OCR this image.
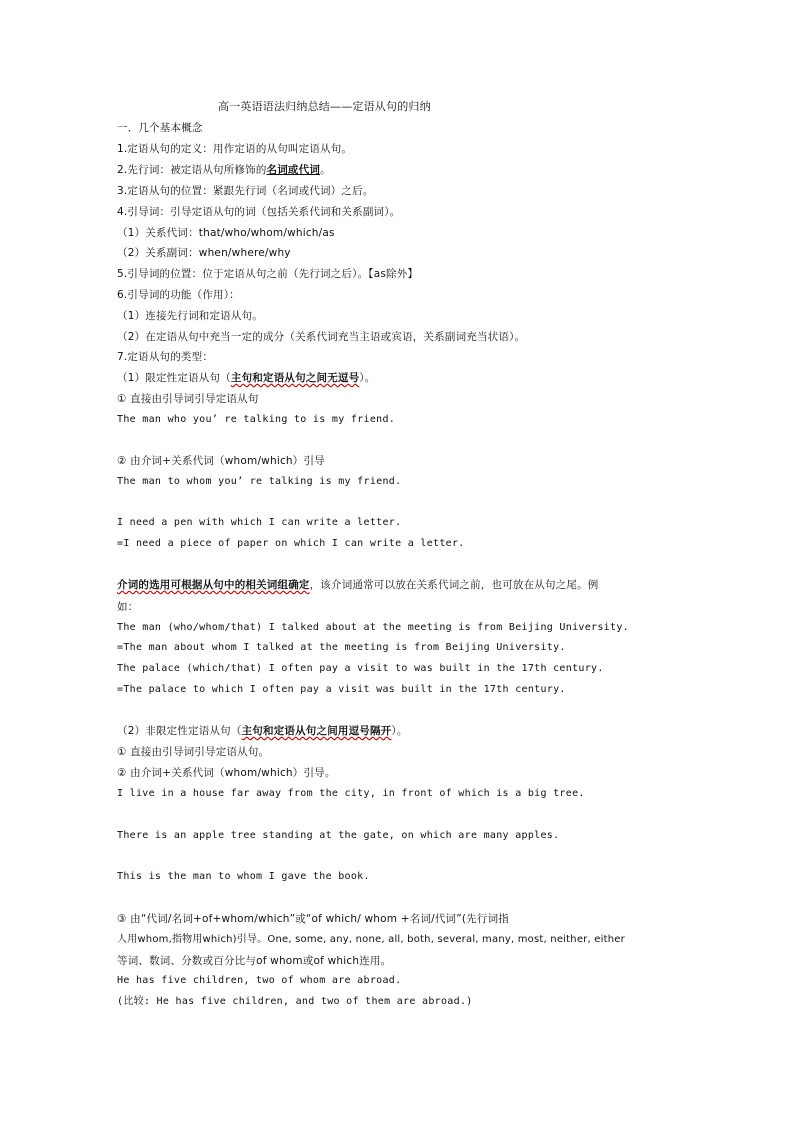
高一英语语法归纳总结——定语从句的归纳
一．几个基本概念
1.定语从句的定义：用作定语的从句叫定语从句。
2.先行词：被定语从句所修饰的名词或代词。
3.定语从句的位置：紧跟先行词（名词或代词）之后。
4.引导词：引导定语从句的词（包括关系代词和关系副词）。
（1）关系代词：that/who/whom/which/as
（2）关系副词：when/where/why
5.引导词的位置：位于定语从句之前（先行词之后）。【as除外】
6.引导词的功能（作用）：
（1）连接先行词和定语从句。
（2）在定语从句中充当一定的成分（关系代词充当主语或宾语，关系副词充当状语）。
7.定语从句的类型：
（1）限定性定语从句（主句和定语从句之间无逗号）。
① 直接由引导词引导定语从句
The man who you’ re talking to is my friend.
② 由介词+关系代词（whom/which）引导
The man to whom you’ re talking is my friend.
I need a pen with which I can write a letter.
=I need a piece of paper on which I can write a letter.
介词的选用可根据从句中的相关词组确定，该介词通常可以放在关系代词之前，也可放在从句之尾。例
如：
The man (who/whom/that) I talked about at the meeting is from Beijing University.
=The man about whom I talked at the meeting is from Beijing University.
The palace (which/that) I often pay a visit to was built in the 17th century.
=The palace to which I often pay a visit was built in the 17th century.
（2）非限定性定语从句（主句和定语从句之间用逗号隔开）。
① 直接由引导词引导定语从句。
② 由介词+关系代词（whom/which）引导。
I live in a house far away from the city, in front of which is a big tree.
There is an apple tree standing at the gate, on which are many apples.
This is the man to whom I gave the book.
③ 由“代词/名词+of+whom/which”或“of which/ whom +名词/代词”(先行词指
人用whom,指物用which)引导。One, some, any, none, all, both, several, many, most, neither, either
等词、数词、分数或百分比与of whom或of which连用。
He has five children, two of whom are abroad.
(比较: He has five children, and two of them are abroad.)
